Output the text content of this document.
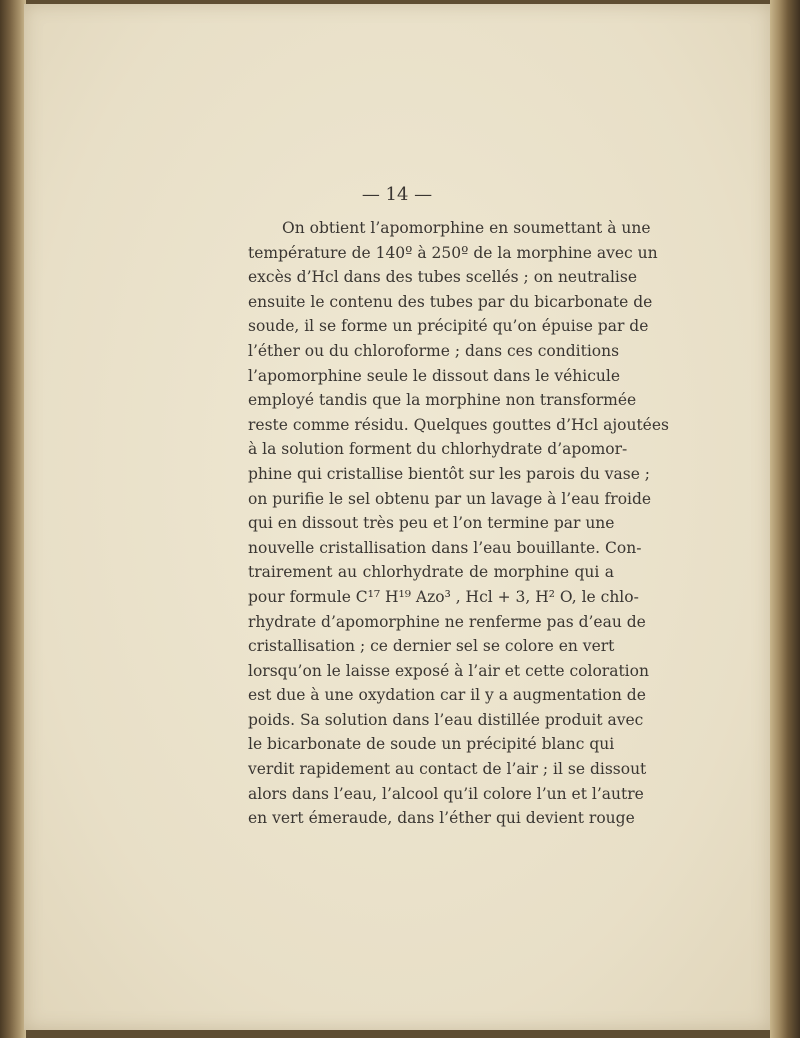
— 14 —
On obtient l’apomorphine en soumettant à une
température de 140º à 250º de la morphine avec un
excès d’Hcl dans des tubes scellés ; on neutralise
ensuite le contenu des tubes par du bicarbonate de
soude, il se forme un précipité qu’on épuise par de
l’éther ou du chloroforme ; dans ces conditions
l’apomorphine seule le dissout dans le véhicule
employé tandis que la morphine non transformée
reste comme résidu. Quelques gouttes d’Hcl ajoutées
à la solution forment du chlorhydrate d’apomor-
phine qui cristallise bientôt sur les parois du vase ;
on purifie le sel obtenu par un lavage à l’eau froide
qui en dissout très peu et l’on termine par une
nouvelle cristallisation dans l’eau bouillante. Con-
trairement au chlorhydrate de morphine qui a
pour formule C¹⁷ H¹⁹ Azo³ , Hcl + 3, H² O, le chlo-
rhydrate d’apomorphine ne renferme pas d’eau de
cristallisation ; ce dernier sel se colore en vert
lorsqu’on le laisse exposé à l’air et cette coloration
est due à une oxydation car il y a augmentation de
poids. Sa solution dans l’eau distillée produit avec
le bicarbonate de soude un précipité blanc qui
verdit rapidement au contact de l’air ; il se dissout
alors dans l’eau, l’alcool qu’il colore l’un et l’autre
en vert émeraude, dans l’éther qui devient rouge
